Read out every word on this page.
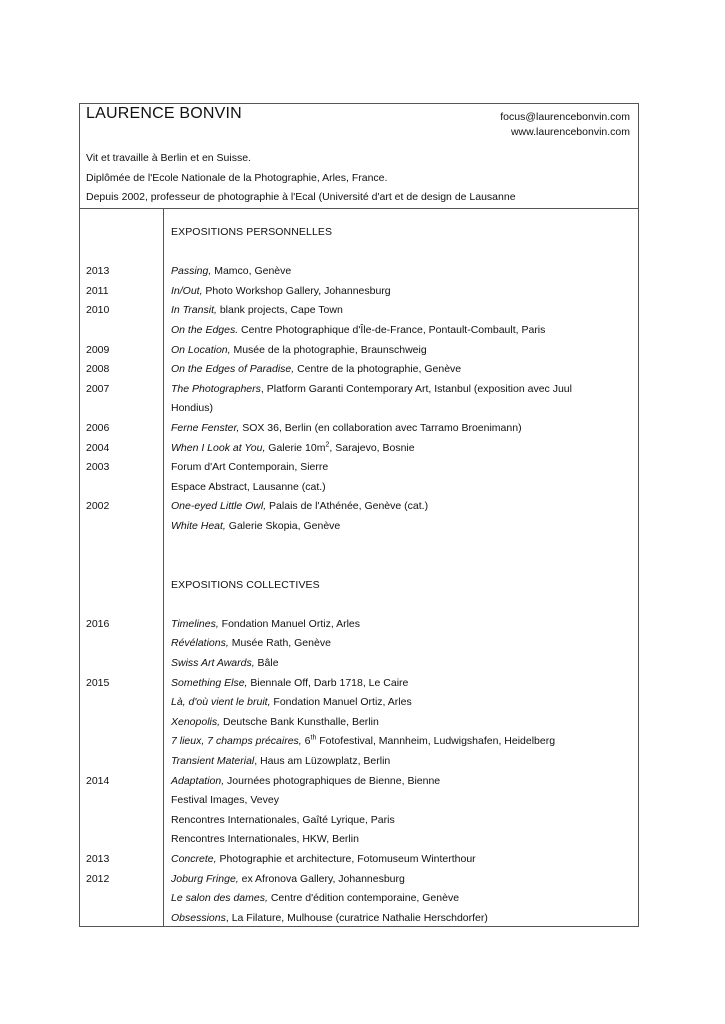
LAURENCE BONVIN	focus@laurencebonvin.com
www.laurencebonvin.com
Vit et travaille à Berlin et en Suisse.
Diplômée de l'Ecole Nationale de la Photographie, Arles, France.
Depuis 2002, professeur de photographie à l'Ecal (Université d'art et de design de Lausanne
EXPOSITIONS PERSONNELLES
2013	Passing, Mamco, Genève
2011	In/Out, Photo Workshop Gallery, Johannesburg
2010	In Transit, blank projects, Cape Town
On the Edges. Centre Photographique d'Île-de-France, Pontault-Combault, Paris
2009	On Location, Musée de la photographie, Braunschweig
2008	On the Edges of Paradise, Centre de la photographie, Genève
2007	The Photographers, Platform Garanti Contemporary Art, Istanbul (exposition avec Juul
Hondius)
2006	Ferne Fenster, SOX 36, Berlin (en collaboration avec Tarramo Broenimann)
2004	When I Look at You, Galerie $10m^2$, Sarajevo, Bosnie
2003	Forum d'Art Contemporain, Sierre
Espace Abstract, Lausanne (cat.)
2002	One-eyed Little Owl, Palais de l'Athénée, Genève (cat.)
White Heat, Galerie Skopia, Genève
EXPOSITIONS COLLECTIVES
2016	Timelines, Fondation Manuel Ortiz, Arles
Révélations, Musée Rath, Genève
Swiss Art Awards, Bâle
2015	Something Else, Biennale Off, Darb 1718, Le Caire
Là, d'où vient le bruit, Fondation Manuel Ortiz, Arles
Xenopolis, Deutsche Bank Kunsthalle, Berlin
7 lieux, 7 champs précaires, 6th Fotofestival, Mannheim, Ludwigshafen, Heidelberg
Transient Material, Haus am Lüzowplatz, Berlin
2014	Adaptation, Journées photographiques de Bienne, Bienne
Festival Images, Vevey
Rencontres Internationales, Gaîté Lyrique, Paris
Rencontres Internationales, HKW, Berlin
2013	Concrete, Photographie et architecture, Fotomuseum Winterthour
2012	Joburg Fringe, ex Afronova Gallery, Johannesburg
Le salon des dames, Centre d'édition contemporaine, Genève
Obsessions, La Filature, Mulhouse (curatrice Nathalie Herschdorfer)
